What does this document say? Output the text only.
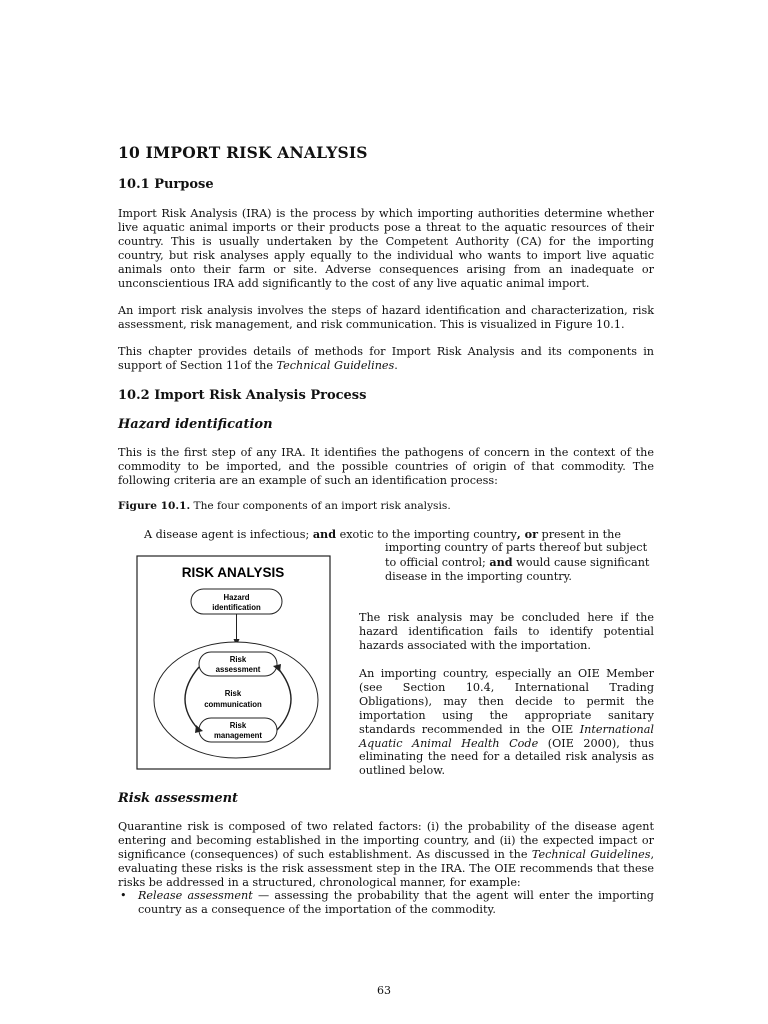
10 IMPORT RISK ANALYSIS
10.1 Purpose

Import Risk Analysis (IRA) is the process by which importing authorities determine whether live aquatic animal imports or their products pose a threat to the aquatic resources of their country. This is usually undertaken by the Competent Authority (CA) for the importing country, but risk analyses apply equally to the individual who wants to import live aquatic animals onto their farm or site. Adverse consequences arising from an inadequate or unconscientious IRA add significantly to the cost of any live aquatic animal import.

An import risk analysis involves the steps of hazard identification and characterization, risk assessment, risk management, and risk communication. This is visualized in Figure 10.1.

This chapter provides details of methods for Import Risk Analysis and its components in support of Section 11of the Technical Guidelines.

10.2 Import Risk Analysis Process
Hazard identification

This is the first step of any IRA. It identifies the pathogens of concern in the context of the commodity to be imported, and the possible countries of origin of that commodity. The following criteria are an example of such an identification process:

Figure 10.1. The four components of an import risk analysis.
A disease agent is infectious; and exotic to the importing country, or present in the
importing country of parts thereof but subject to official control; and would cause significant disease in the importing country.
RISK ANALYSIS
Hazard
identification
Risk
assessment
Risk
communication
Risk
management

The risk analysis may be concluded here if the hazard identification fails to identify potential hazards associated with the importation.

An importing country, especially an OIE Member (see Section 10.4, International Trading Obligations), may then decide to permit the importation using the appropriate sanitary standards recommended in the OIE International Aquatic Animal Health Code (OIE 2000), thus eliminating the need for a detailed risk analysis as outlined below.

Risk assessment

Quarantine risk is composed of two related factors: (i) the probability of the disease agent entering and becoming established in the importing country, and (ii) the expected impact or significance (consequences) of such establishment. As discussed in the Technical Guidelines, evaluating these risks is the risk assessment step in the IRA. The OIE recommends that these risks be addressed in a structured, chronological manner, for example:

•	Release assessment — assessing the probability that the agent will enter the importing country as a consequence of the importation of the commodity.
63
